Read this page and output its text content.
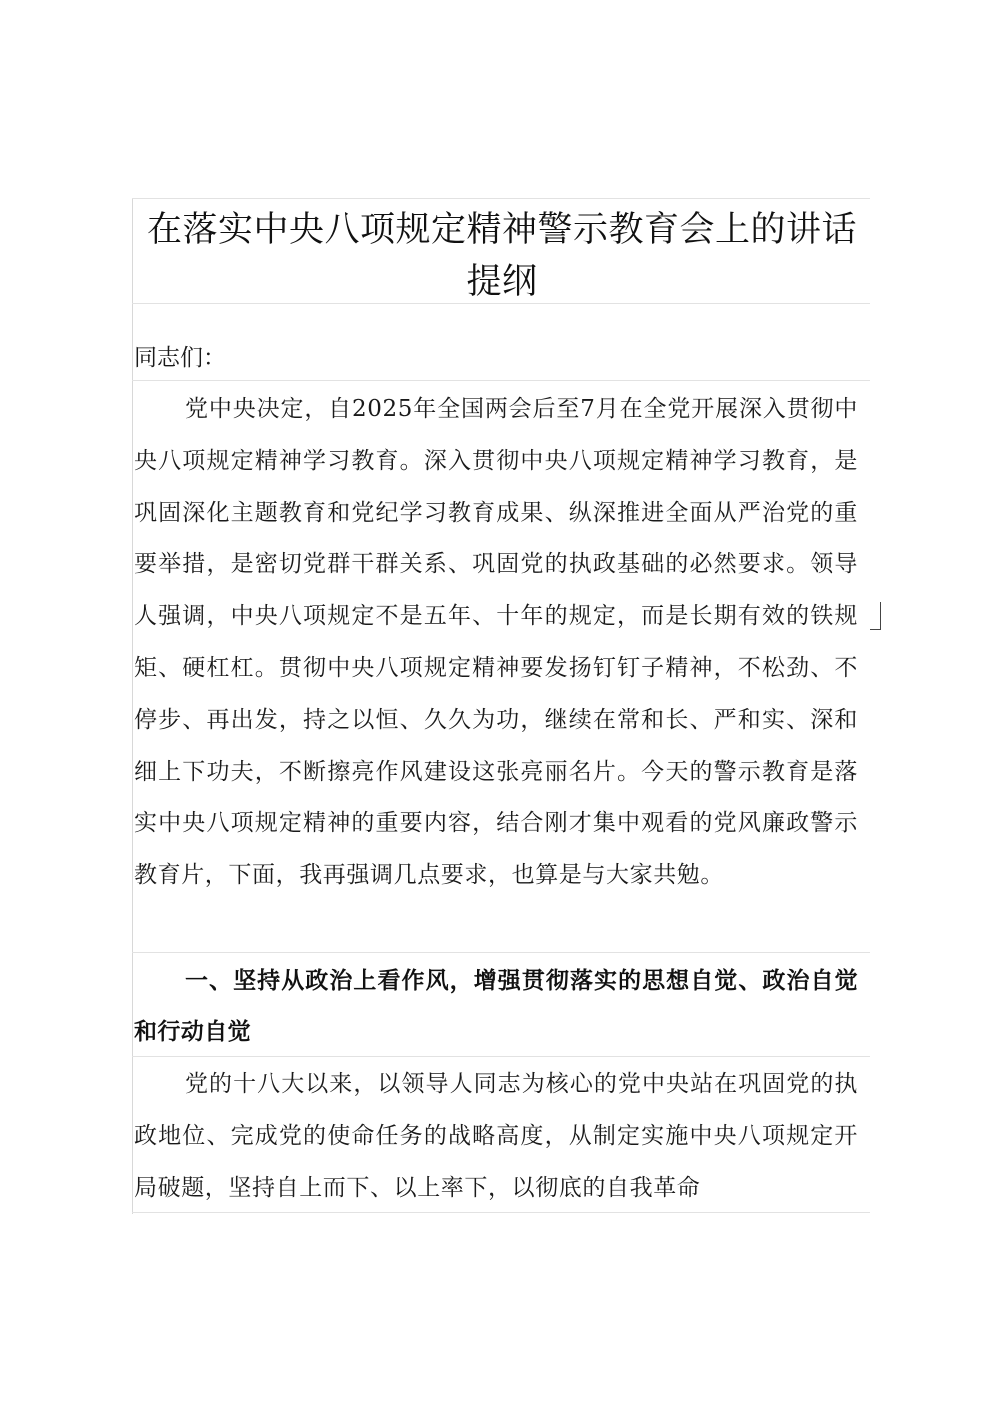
在落实中央八项规定精神警示教育会上的讲话提纲
同志们：
党中央决定，自2025年全国两会后至7月在全党开展深入贯彻中央八项规定精神学习教育。深入贯彻中央八项规定精神学习教育，是巩固深化主题教育和党纪学习教育成果、纵深推进全面从严治党的重要举措，是密切党群干群关系、巩固党的执政基础的必然要求。领导人强调，中央八项规定不是五年、十年的规定，而是长期有效的铁规矩、硬杠杠。贯彻中央八项规定精神要发扬钉钉子精神，不松劲、不停步、再出发，持之以恒、久久为功，继续在常和长、严和实、深和细上下功夫，不断擦亮作风建设这张亮丽名片。今天的警示教育是落实中央八项规定精神的重要内容，结合刚才集中观看的党风廉政警示教育片，下面，我再强调几点要求，也算是与大家共勉。
一、坚持从政治上看作风，增强贯彻落实的思想自觉、政治自觉和行动自觉
党的十八大以来，以领导人同志为核心的党中央站在巩固党的执政地位、完成党的使命任务的战略高度，从制定实施中央八项规定开局破题，坚持自上而下、以上率下，以彻底的自我革命
